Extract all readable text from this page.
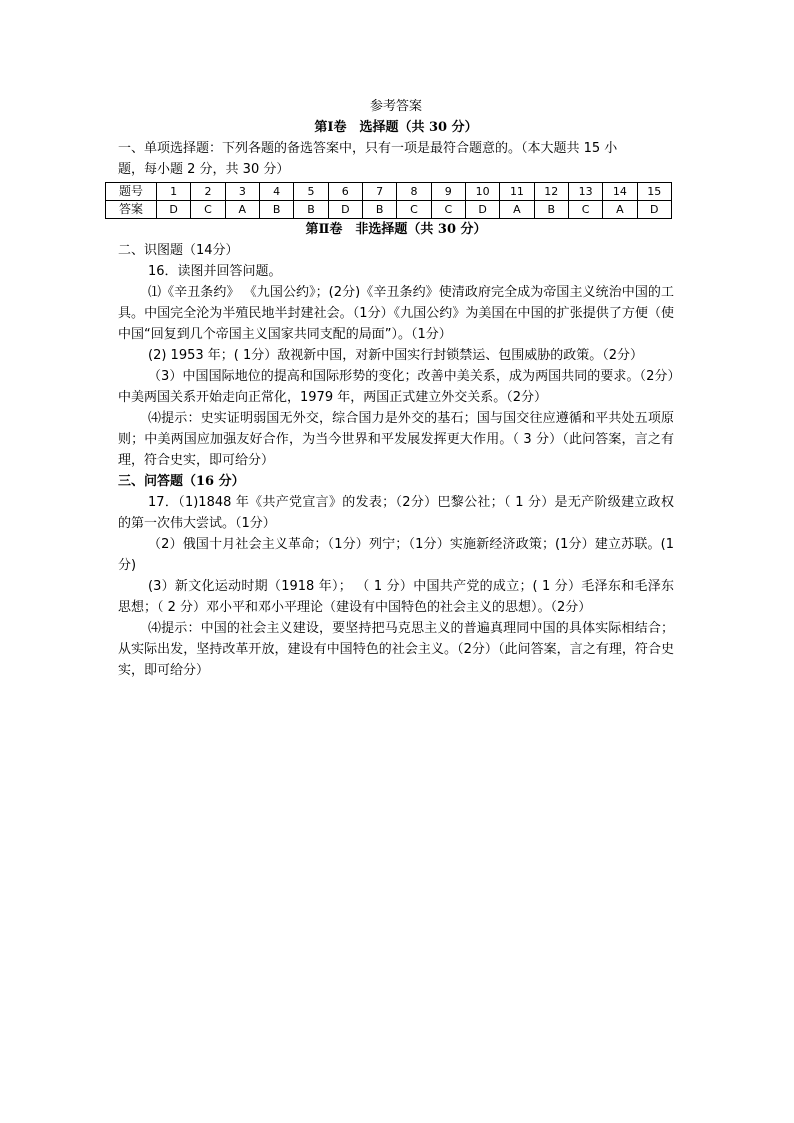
参考答案
第Ⅰ卷　选择题（共 30 分）

一、单项选择题：下列各题的备选答案中，只有一项是最符合题意的。（本大题共 15 小
题，每小题 2 分，共 30 分）

题号	1	2	3	4	5	6	7	8	9	10	11	12	13	14	15
答案	D	C	A	B	B	D	B	C	C	D	A	B	C	A	D
第Ⅱ卷　非选择题（共 30 分）

二、识图题（14分）

16．读图并回答问题。

⑴《辛丑条约》 《九国公约》；(2分)《辛丑条约》使清政府完全成为帝国主义统治中国的工具。中国完全沦为半殖民地半封建社会。（1分）《九国公约》为美国在中国的扩张提供了方便（使中国“回复到几个帝国主义国家共同支配的局面”）。（1分）

(2) 1953 年；( 1分）敌视新中国，对新中国实行封锁禁运、包围威胁的政策。（2分）

（3）中国国际地位的提高和国际形势的变化；改善中美关系，成为两国共同的要求。（2分）中美两国关系开始走向正常化，1979 年，两国正式建立外交关系。（2分）

⑷提示：史实证明弱国无外交，综合国力是外交的基石；国与国交往应遵循和平共处五项原则；中美两国应加强友好合作，为当今世界和平发展发挥更大作用。（ 3 分）（此问答案，言之有理，符合史实，即可给分）

三、问答题（16 分）

17．（1)1848 年《共产党宣言》的发表；（2分）巴黎公社；（ 1 分）是无产阶级建立政权的第一次伟大尝试。（1分）

（2）俄国十月社会主义革命；（1分）列宁；（1分）实施新经济政策；(1分）建立苏联。(1分)

(3）新文化运动时期（1918 年）； （ 1 分）中国共产党的成立；( 1 分）毛泽东和毛泽东思想；（ 2 分）邓小平和邓小平理论（建设有中国特色的社会主义的思想）。（2分）

⑷提示：中国的社会主义建设，要坚持把马克思主义的普遍真理同中国的具体实际相结合；从实际出发，坚持改革开放，建设有中国特色的社会主义。（2分）（此问答案，言之有理，符合史实，即可给分）
